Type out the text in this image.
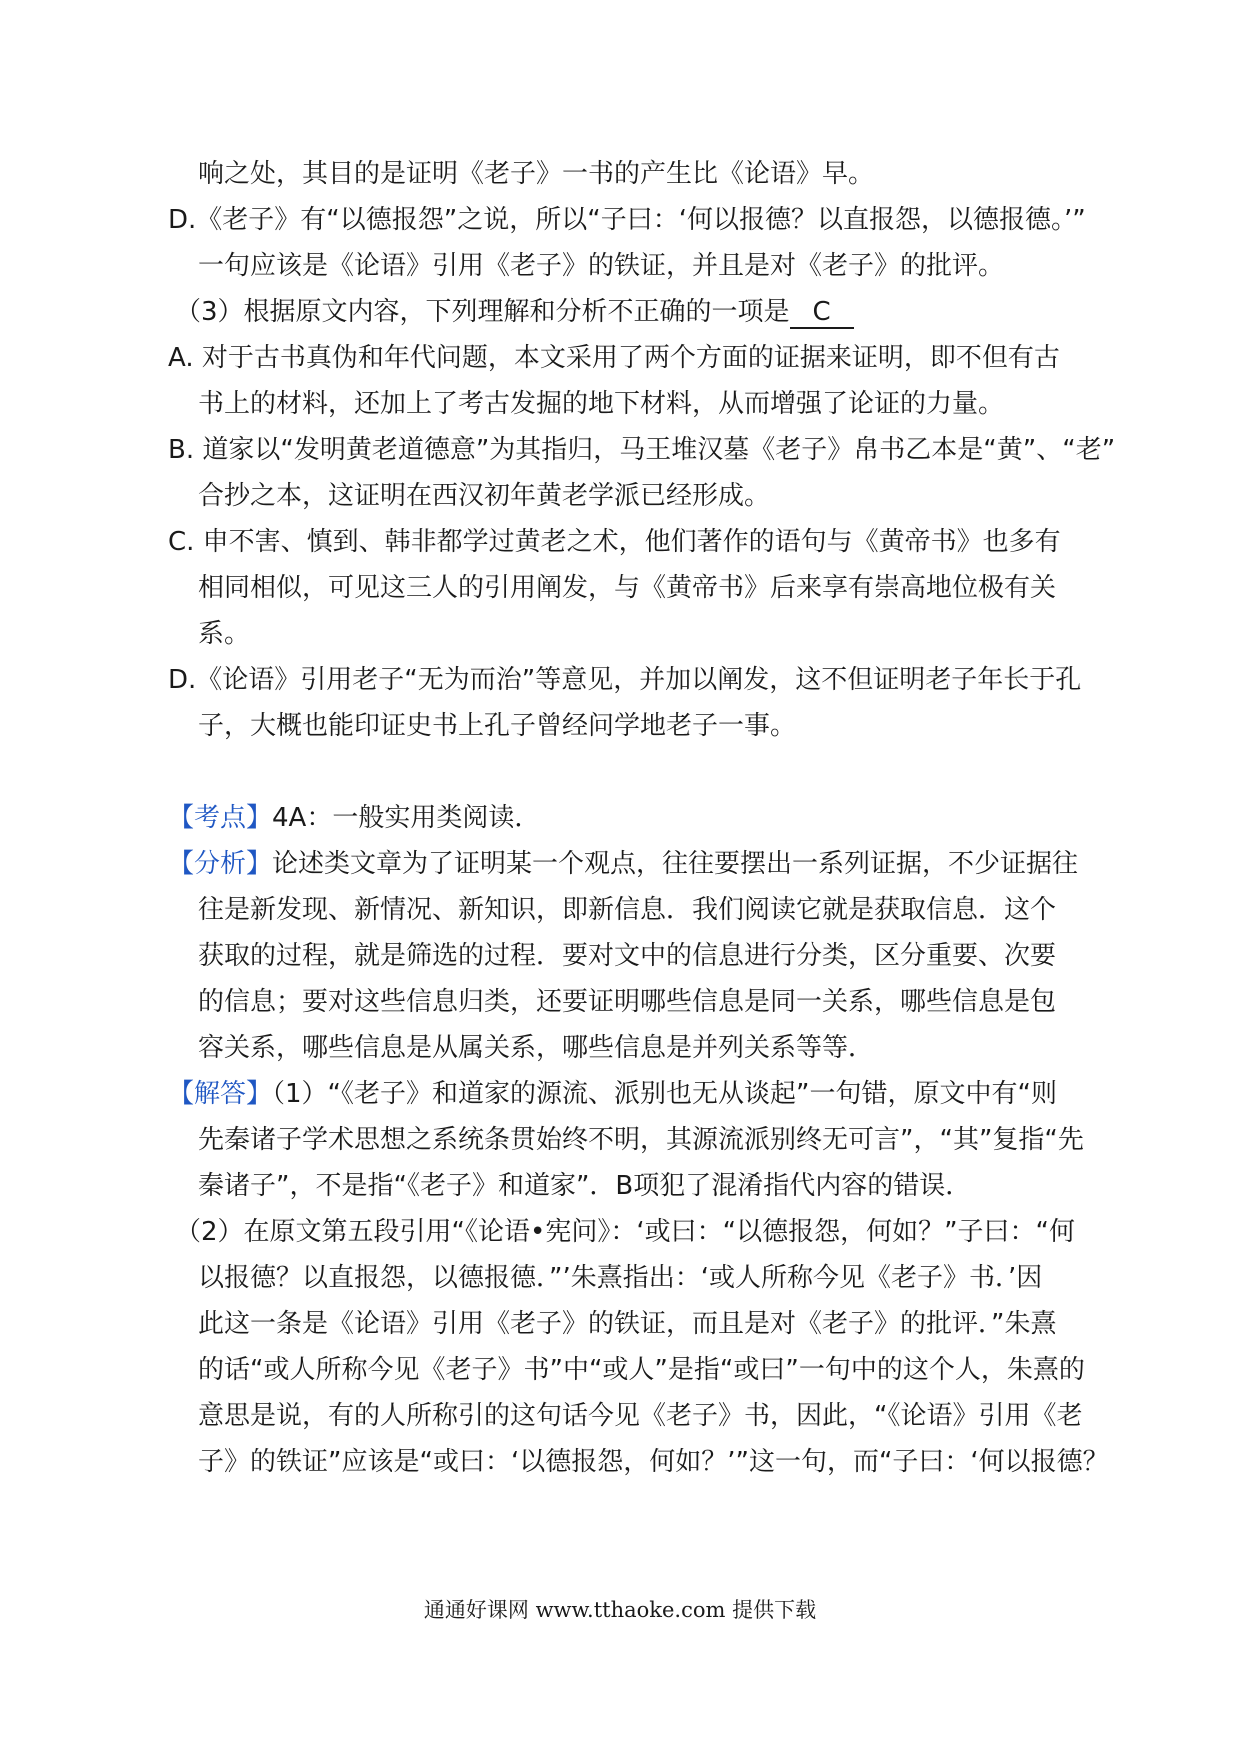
响之处，其目的是证明《老子》一书的产生比《论语》早。
D.《老子》有“以德报怨”之说，所以“子曰：‘何以报德？以直报怨，以德报德。’”
一句应该是《论语》引用《老子》的铁证，并且是对《老子》的批评。
（3）根据原文内容，下列理解和分析不正确的一项是 C
A. 对于古书真伪和年代问题，本文采用了两个方面的证据来证明，即不但有古
书上的材料，还加上了考古发掘的地下材料，从而增强了论证的力量。
B. 道家以“发明黄老道德意”为其指归，马王堆汉墓《老子》帛书乙本是“黄”、“老”
合抄之本，这证明在西汉初年黄老学派已经形成。
C. 申不害、慎到、韩非都学过黄老之术，他们著作的语句与《黄帝书》也多有
相同相似，可见这三人的引用阐发，与《黄帝书》后来享有崇高地位极有关
系。
D.《论语》引用老子“无为而治”等意见，并加以阐发，这不但证明老子年长于孔
子，大概也能印证史书上孔子曾经问学地老子一事。
【考点】4A：一般实用类阅读．
【分析】论述类文章为了证明某一个观点，往往要摆出一系列证据，不少证据往
往是新发现、新情况、新知识，即新信息．我们阅读它就是获取信息．这个
获取的过程，就是筛选的过程．要对文中的信息进行分类，区分重要、次要
的信息；要对这些信息归类，还要证明哪些信息是同一关系，哪些信息是包
容关系，哪些信息是从属关系，哪些信息是并列关系等等．
【解答】（1）“《老子》和道家的源流、派别也无从谈起”一句错，原文中有“则
先秦诸子学术思想之系统条贯始终不明，其源流派别终无可言”，“其”复指“先
秦诸子”，不是指“《老子》和道家”．B项犯了混淆指代内容的错误．
（2）在原文第五段引用“《论语•宪问》：‘或曰：“以德报怨，何如？”子曰：“何
以报德？以直报怨，以德报德．”’朱熹指出：‘或人所称今见《老子》书．’因
此这一条是《论语》引用《老子》的铁证，而且是对《老子》的批评．”朱熹
的话“或人所称今见《老子》书”中“或人”是指“或曰”一句中的这个人，朱熹的
意思是说，有的人所称引的这句话今见《老子》书，因此，“《论语》引用《老
子》的铁证”应该是“或曰：‘以德报怨，何如？’”这一句，而“子曰：‘何以报德？
通通好课网 www.tthaoke.com 提供下载
